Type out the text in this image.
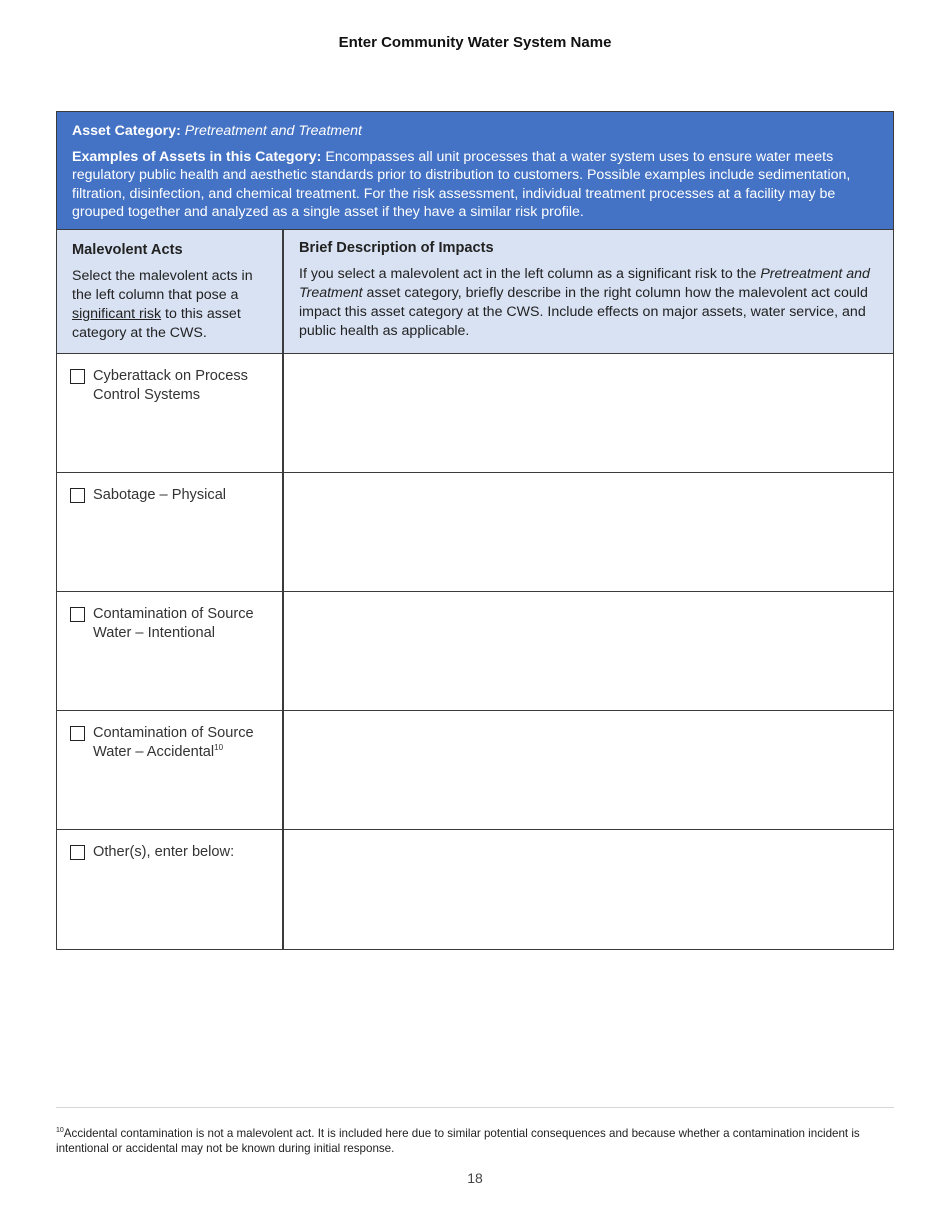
Enter Community Water System Name
Asset Category: Pretreatment and Treatment
Examples of Assets in this Category: Encompasses all unit processes that a water system uses to ensure water meets regulatory public health and aesthetic standards prior to distribution to customers. Possible examples include sedimentation, filtration, disinfection, and chemical treatment. For the risk assessment, individual treatment processes at a facility may be grouped together and analyzed as a single asset if they have a similar risk profile.
Malevolent Acts
Select the malevolent acts in the left column that pose a significant risk to this asset category at the CWS.
Brief Description of Impacts
If you select a malevolent act in the left column as a significant risk to the Pretreatment and Treatment asset category, briefly describe in the right column how the malevolent act could impact this asset category at the CWS. Include effects on major assets, water service, and public health as applicable.
Cyberattack on Process Control Systems
Sabotage – Physical
Contamination of Source Water – Intentional
Contamination of Source Water – Accidental$^{10}$
Other(s), enter below:
$^{10}$Accidental contamination is not a malevolent act. It is included here due to similar potential consequences and because whether a contamination incident is intentional or accidental may not be known during initial response.
18
